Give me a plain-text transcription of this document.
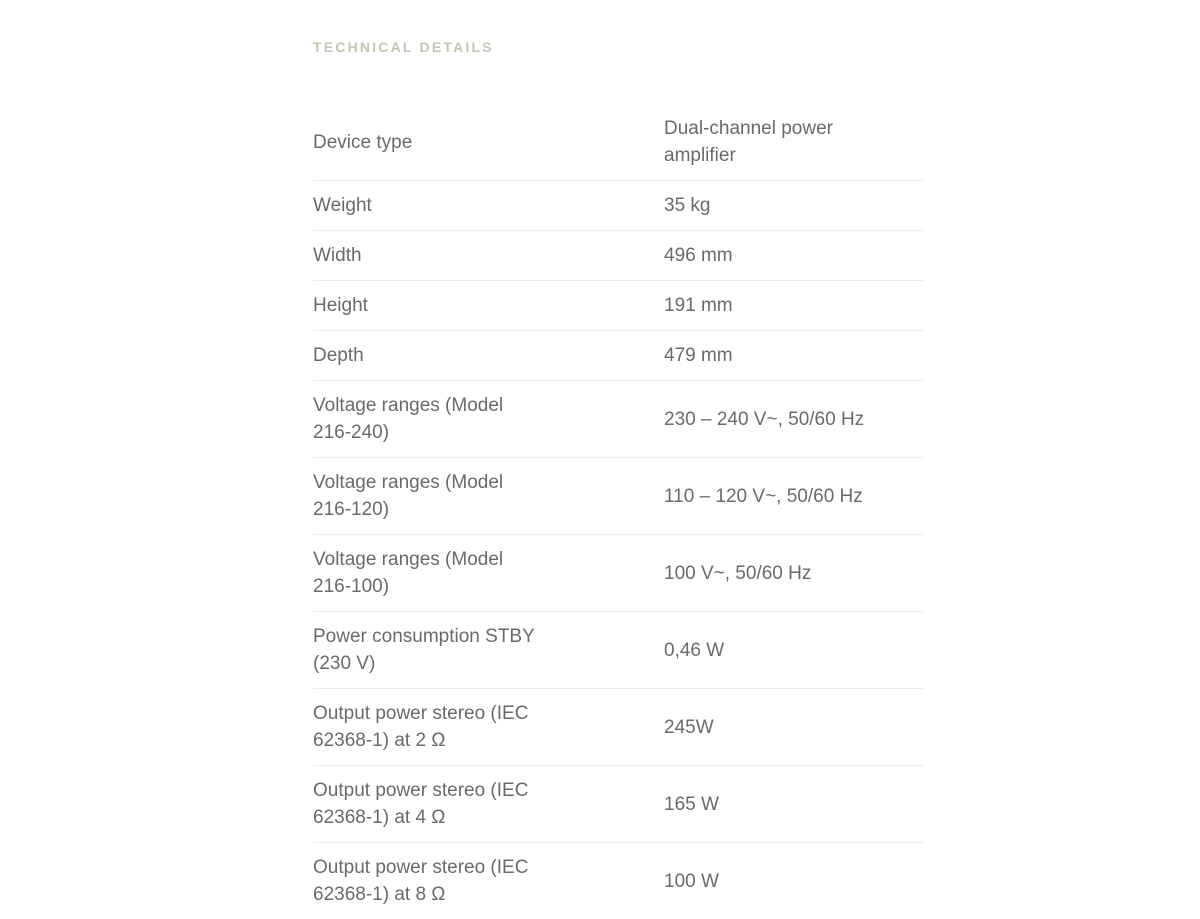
TECHNICAL DETAILS
Device type	Dual-channel power amplifier

Weight	35 kg

Width	496 mm

Height	191 mm

Depth	479 mm

Voltage ranges (Model 216-240)	230 – 240 V~, 50/60 Hz

Voltage ranges (Model 216-120)	110 – 120 V~, 50/60 Hz

Voltage ranges (Model 216-100)	100 V~, 50/60 Hz

Power consumption STBY (230 V)	0,46 W

Output power stereo (IEC 62368-1) at 2 Ω	245W

Output power stereo (IEC 62368-1) at 4 Ω	165 W

Output power stereo (IEC 62368-1) at 8 Ω	100 W
